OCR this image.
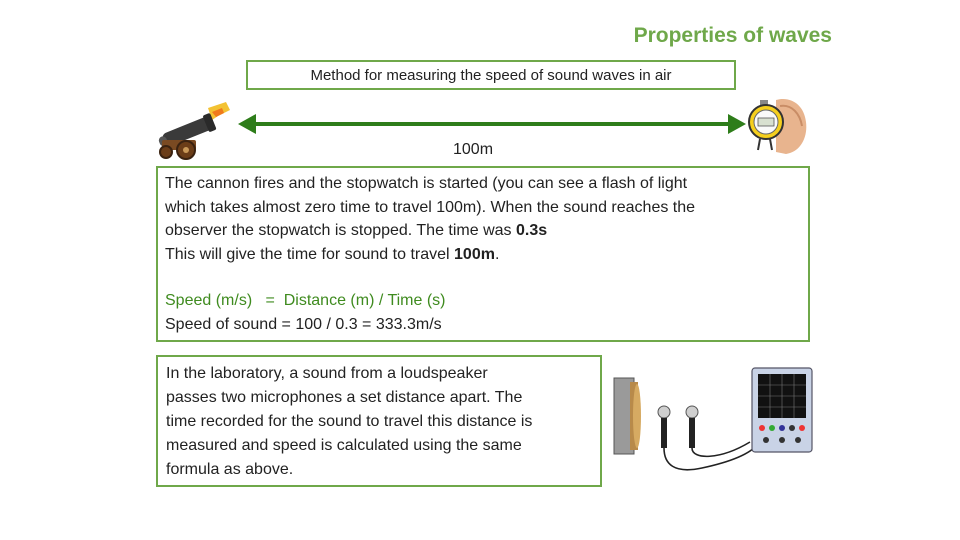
Properties of waves
Method for measuring the speed of sound waves in air
100m
The cannon fires and the stopwatch is started (you can see a flash of light
which takes almost zero time to travel 100m). When the sound reaches the
observer the stopwatch is stopped. The time was 0.3s
This will give the time for sound to travel 100m.
Speed (m/s)   =  Distance (m) / Time (s)
Speed of sound = 100 / 0.3 = 333.3m/s
In the laboratory, a sound from a loudspeaker
passes two microphones a set distance apart. The
time recorded for the sound to travel this distance is
measured and speed is calculated using the same
formula as above.
